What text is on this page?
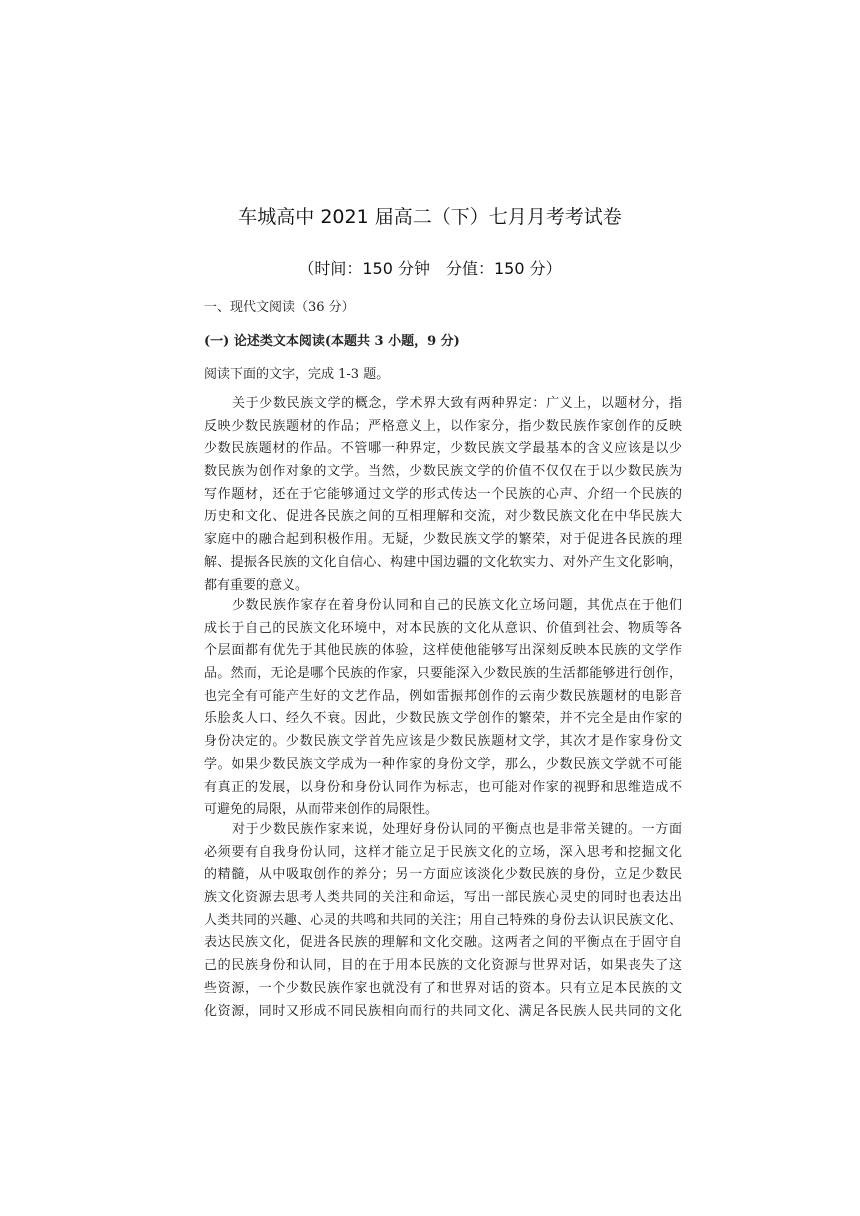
车城高中 2021 届高二（下）七月月考考试卷
（时间：150 分钟　分值：150 分）
一、现代文阅读（36 分）
(一) 论述类文本阅读(本题共 3 小题，9 分)
阅读下面的文字，完成 1-3 题。
关于少数民族文学的概念，学术界大致有两种界定：广义上，以题材分，指
反映少数民族题材的作品；严格意义上，以作家分，指少数民族作家创作的反映
少数民族题材的作品。不管哪一种界定，少数民族文学最基本的含义应该是以少
数民族为创作对象的文学。当然，少数民族文学的价值不仅仅在于以少数民族为
写作题材，还在于它能够通过文学的形式传达一个民族的心声、介绍一个民族的
历史和文化、促进各民族之间的互相理解和交流，对少数民族文化在中华民族大
家庭中的融合起到积极作用。无疑，少数民族文学的繁荣，对于促进各民族的理
解、提振各民族的文化自信心、构建中国边疆的文化软实力、对外产生文化影响，
都有重要的意义。
少数民族作家存在着身份认同和自己的民族文化立场问题，其优点在于他们
成长于自己的民族文化环境中，对本民族的文化从意识、价值到社会、物质等各
个层面都有优先于其他民族的体验，这样使他能够写出深刻反映本民族的文学作
品。然而，无论是哪个民族的作家，只要能深入少数民族的生活都能够进行创作，
也完全有可能产生好的文艺作品，例如雷振邦创作的云南少数民族题材的电影音
乐脍炙人口、经久不衰。因此，少数民族文学创作的繁荣，并不完全是由作家的
身份决定的。少数民族文学首先应该是少数民族题材文学，其次才是作家身份文
学。如果少数民族文学成为一种作家的身份文学，那么，少数民族文学就不可能
有真正的发展，以身份和身份认同作为标志，也可能对作家的视野和思维造成不
可避免的局限，从而带来创作的局限性。
对于少数民族作家来说，处理好身份认同的平衡点也是非常关键的。一方面
必须要有自我身份认同，这样才能立足于民族文化的立场，深入思考和挖掘文化
的精髓，从中吸取创作的养分；另一方面应该淡化少数民族的身份，立足少数民
族文化资源去思考人类共同的关注和命运，写出一部民族心灵史的同时也表达出
人类共同的兴趣、心灵的共鸣和共同的关注；用自己特殊的身份去认识民族文化、
表达民族文化，促进各民族的理解和文化交融。这两者之间的平衡点在于固守自
己的民族身份和认同，目的在于用本民族的文化资源与世界对话，如果丧失了这
些资源，一个少数民族作家也就没有了和世界对话的资本。只有立足本民族的文
化资源，同时又形成不同民族相向而行的共同文化、满足各民族人民共同的文化
